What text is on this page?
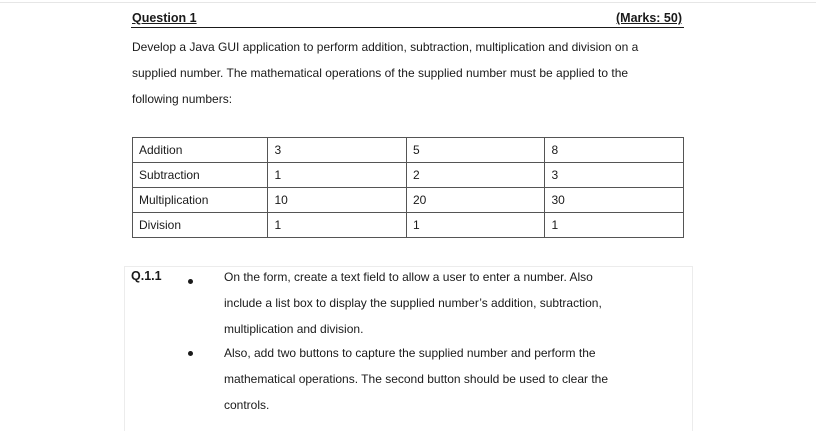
Question 1	(Marks: 50)

Develop a Java GUI application to perform addition, subtraction, multiplication and division on a

supplied number. The mathematical operations of the supplied number must be applied to the

following numbers:

Addition	3	5	8
Subtraction	1	2	3
Multiplication	10	20	30
Division	1	1	1
Q.1.1	On the form, create a text field to allow a user to enter a number. Also

include a list box to display the supplied number’s addition, subtraction,

multiplication and division.

Also, add two buttons to capture the supplied number and perform the

mathematical operations. The second button should be used to clear the

controls.
